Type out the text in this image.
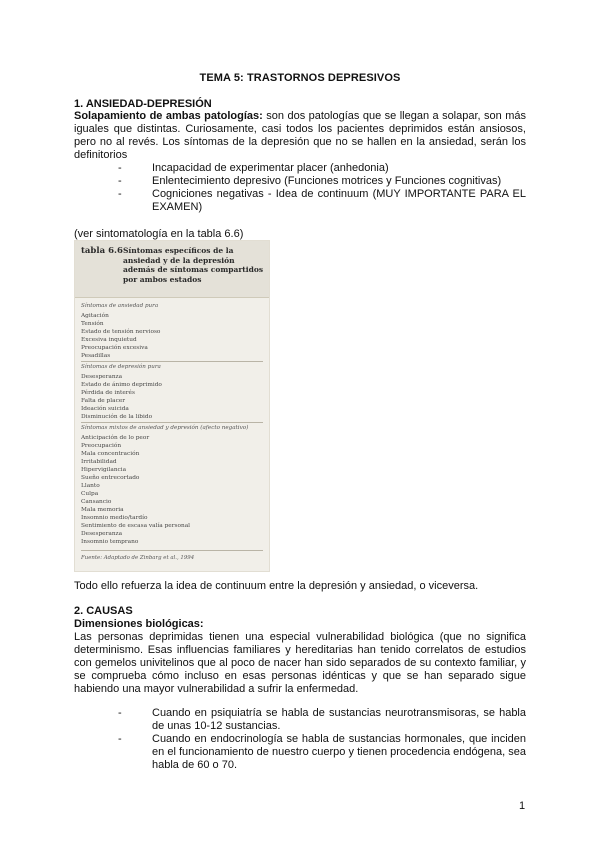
TEMA 5: TRASTORNOS DEPRESIVOS
1. ANSIEDAD-DEPRESIÓN

Solapamiento de ambas patologías: son dos patologías que se llegan a solapar, son más iguales que distintas. Curiosamente, casi todos los pacientes deprimidos están ansiosos, pero no al revés. Los síntomas de la depresión que no se hallen en la ansiedad, serán los definitorios

-	Incapacidad de experimentar placer (anhedonia)
-	Enlentecimiento depresivo (Funciones motrices y Funciones cognitivas)
-	Cogniciones negativas - Idea de continuum (MUY IMPORTANTE PARA EL EXAMEN)
(ver sintomatología en la tabla 6.6)
tabla 6.6 Síntomas específicos de la ansiedad y de la depresión además de síntomas compartidos por ambos estados
Síntomas de ansiedad pura
Agitación
Tensión
Estado de tensión nervioso
Excesiva inquietud
Preocupación excesiva
Pesadillas
Síntomas de depresión pura
Desesperanza
Estado de ánimo deprimido
Pérdida de interés
Falta de placer
Ideación suicida
Disminución de la libido
Síntomas mixtos de ansiedad y depresión (afecto negativo)
Anticipación de lo peor
Preocupación
Mala concentración
Irritabilidad
Hipervigilancia
Sueño entrecortado
Llanto
Culpa
Cansancio
Mala memoria
Insomnio medio/tardío
Sentimiento de escasa valía personal
Desesperanza
Insomnio temprano
Fuente: Adaptado de Zinbarg et al., 1994

Todo ello refuerza la idea de continuum entre la depresión y ansiedad, o viceversa.

2. CAUSAS
Dimensiones biológicas:

Las personas deprimidas tienen una especial vulnerabilidad biológica (que no significa determinismo. Esas influencias familiares y hereditarias han tenido correlatos de estudios con gemelos univitelinos que al poco de nacer han sido separados de su contexto familiar, y se comprueba cómo incluso en esas personas idénticas y que se han separado sigue habiendo una mayor vulnerabilidad a sufrir la enfermedad.

-	Cuando en psiquiatría se habla de sustancias neurotransmisoras, se habla de unas 10-12 sustancias.
-	Cuando en endocrinología se habla de sustancias hormonales, que inciden en el funcionamiento de nuestro cuerpo y tienen procedencia endógena, sea habla de 60 o 70.
1
